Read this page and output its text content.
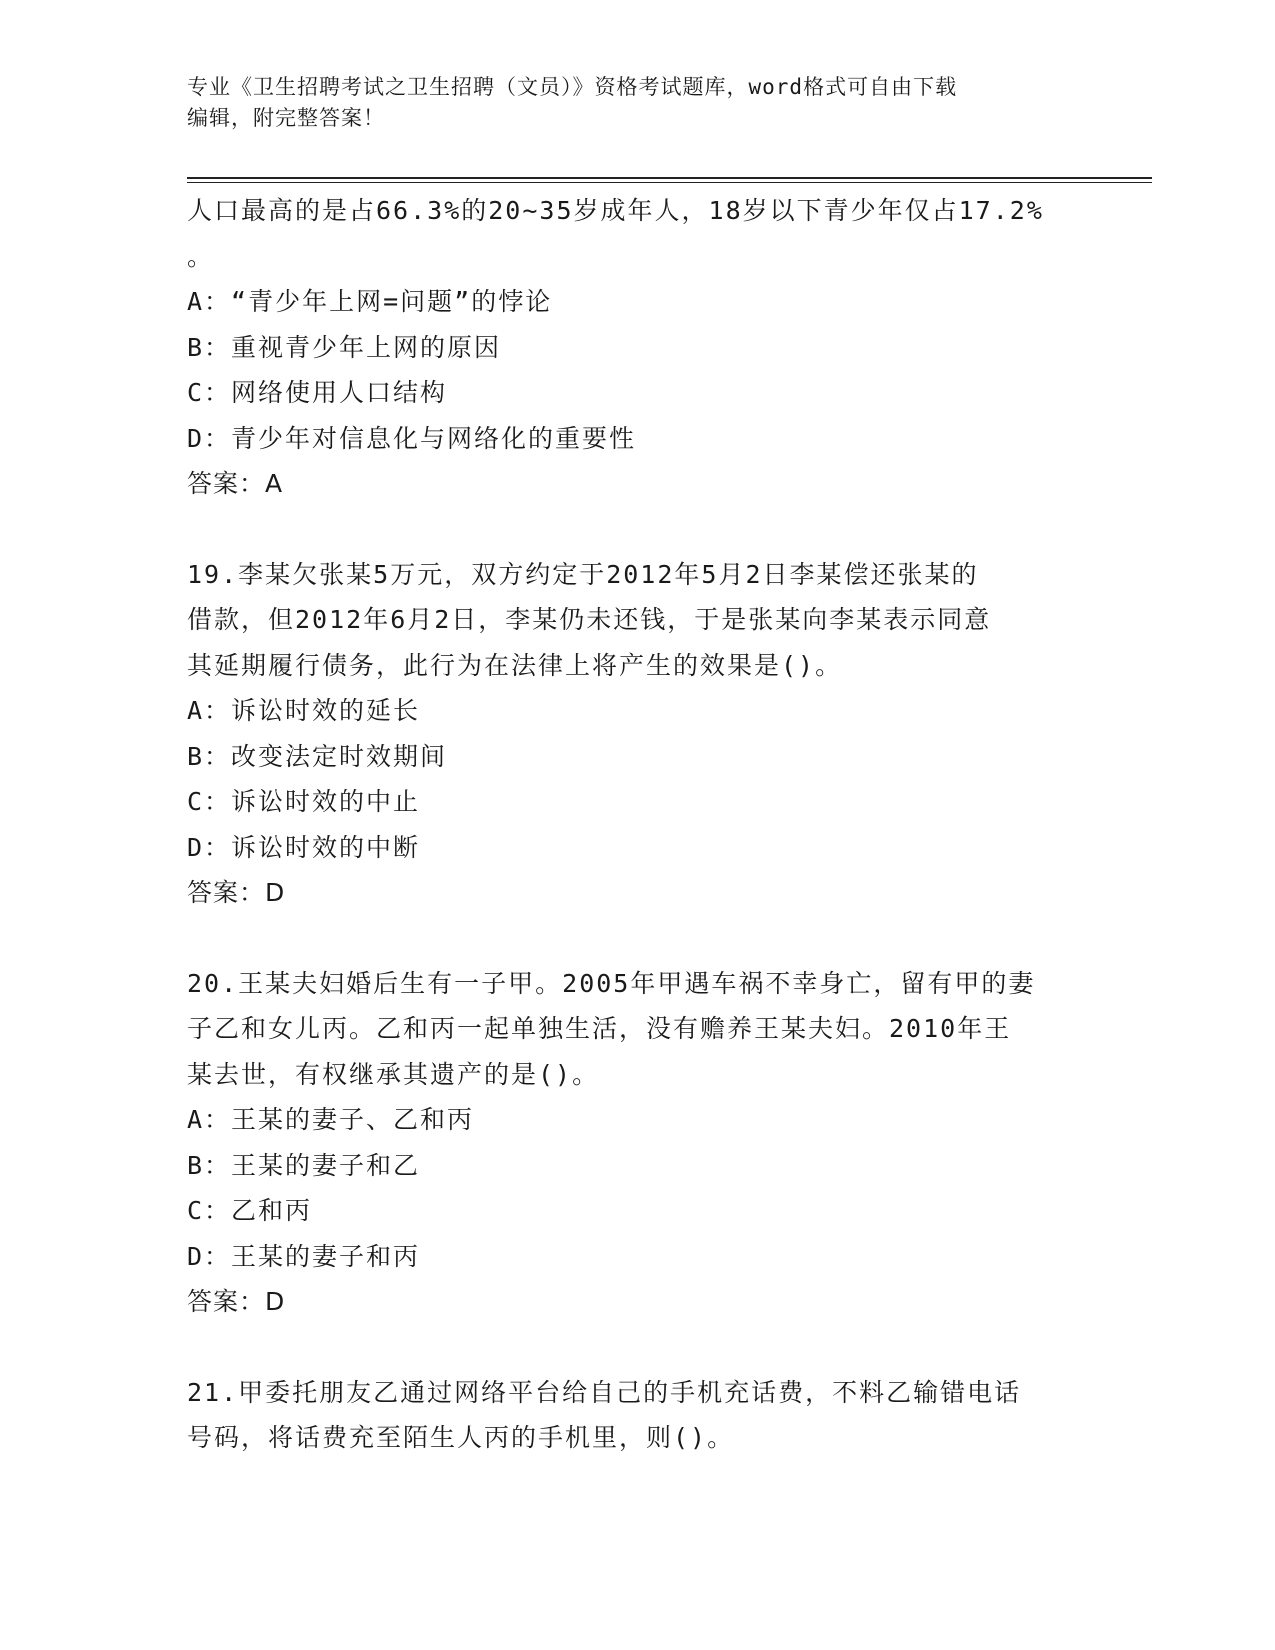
专业《卫生招聘考试之卫生招聘（文员）》资格考试题库，word格式可自由下载
编辑，附完整答案！
人口最高的是占66.3%的20~35岁成年人，18岁以下青少年仅占17.2%
。
A：“青少年上网=问题”的悖论
B：重视青少年上网的原因
C：网络使用人口结构
D：青少年对信息化与网络化的重要性
答案：A
19.李某欠张某5万元，双方约定于2012年5月2日李某偿还张某的
借款，但2012年6月2日，李某仍未还钱，于是张某向李某表示同意
其延期履行债务，此行为在法律上将产生的效果是()。
A：诉讼时效的延长
B：改变法定时效期间
C：诉讼时效的中止
D：诉讼时效的中断
答案：D
20.王某夫妇婚后生有一子甲。2005年甲遇车祸不幸身亡，留有甲的妻
子乙和女儿丙。乙和丙一起单独生活，没有赡养王某夫妇。2010年王
某去世，有权继承其遗产的是()。
A：王某的妻子、乙和丙
B：王某的妻子和乙
C：乙和丙
D：王某的妻子和丙
答案：D
21.甲委托朋友乙通过网络平台给自己的手机充话费，不料乙输错电话
号码，将话费充至陌生人丙的手机里，则()。
